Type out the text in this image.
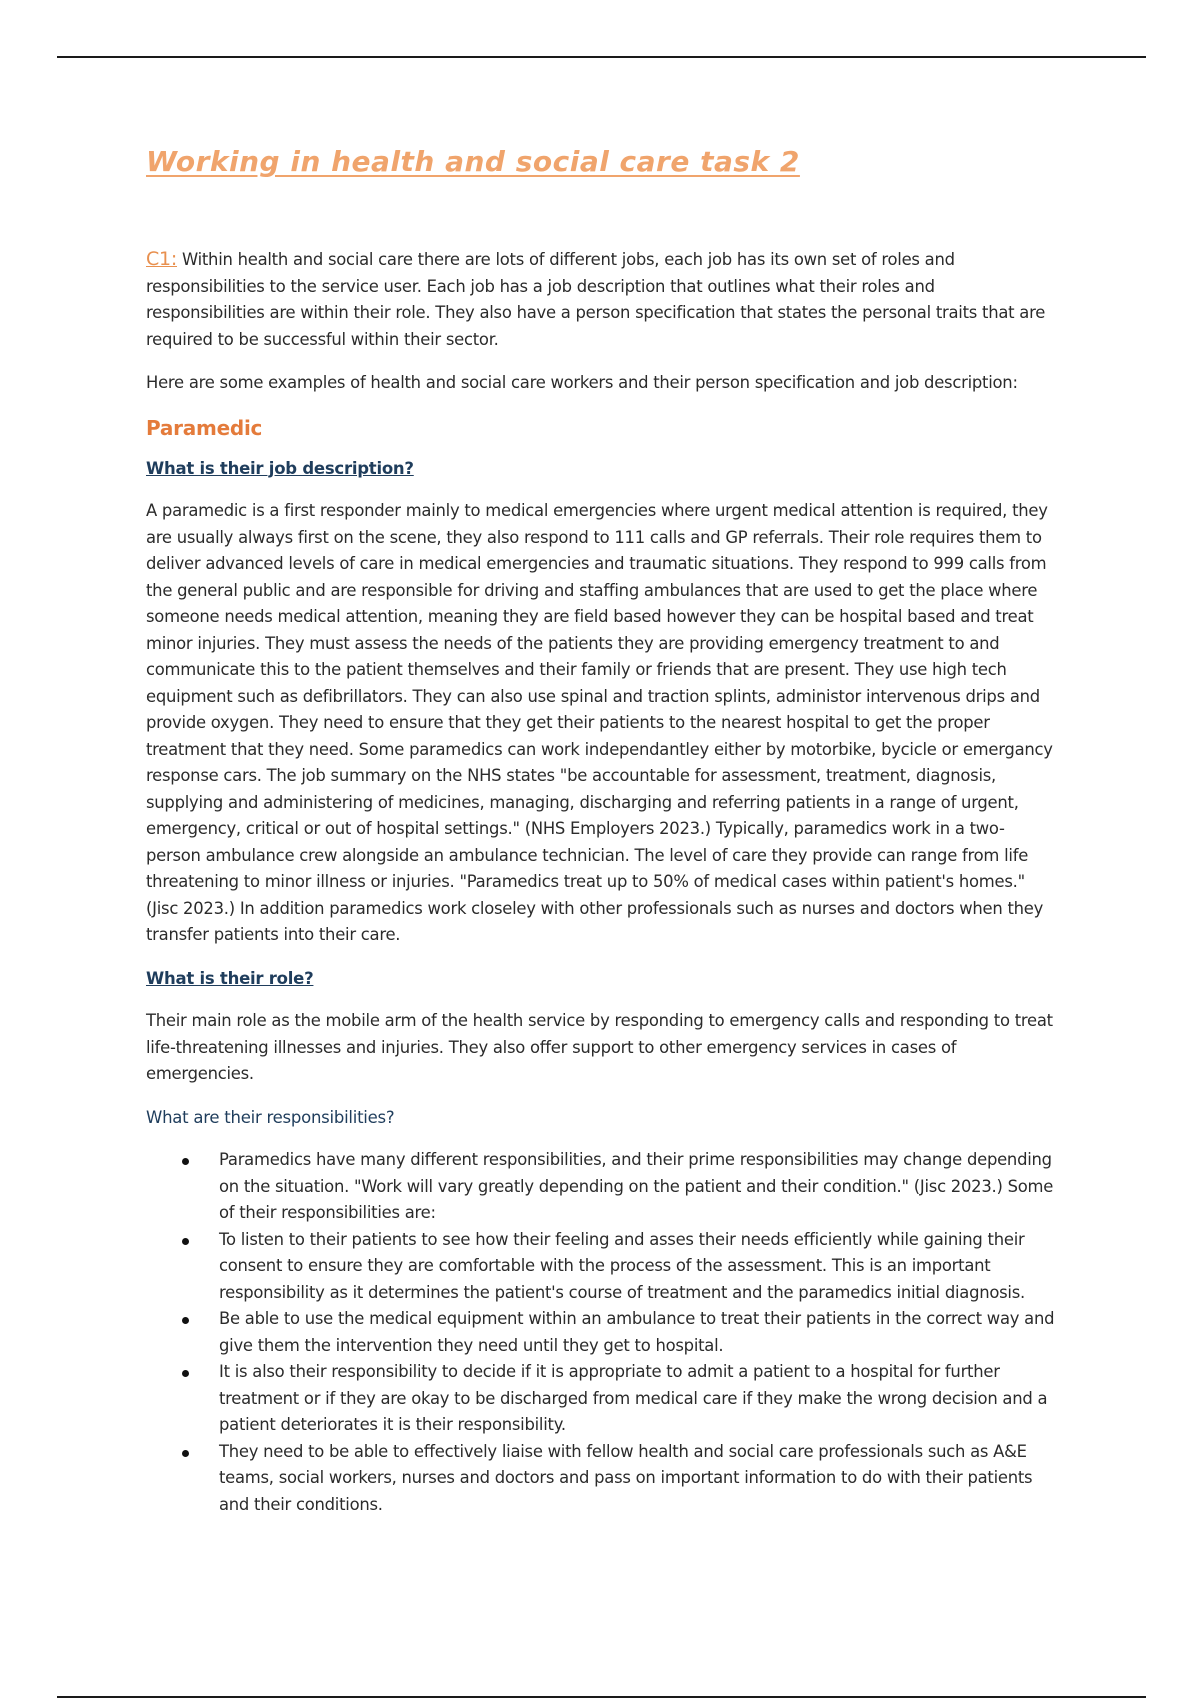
Working in health and social care task 2

C1: Within health and social care there are lots of different jobs, each job has its own set of roles and responsibilities to the service user. Each job has a job description that outlines what their roles and responsibilities are within their role. They also have a person specification that states the personal traits that are required to be successful within their sector.

Here are some examples of health and social care workers and their person specification and job description:

Paramedic
What is their job description?

A paramedic is a first responder mainly to medical emergencies where urgent medical attention is required, they are usually always first on the scene, they also respond to 111 calls and GP referrals. Their role requires them to deliver advanced levels of care in medical emergencies and traumatic situations. They respond to 999 calls from the general public and are responsible for driving and staffing ambulances that are used to get the place where someone needs medical attention, meaning they are field based however they can be hospital based and treat minor injuries. They must assess the needs of the patients they are providing emergency treatment to and communicate this to the patient themselves and their family or friends that are present. They use high tech equipment such as defibrillators. They can also use spinal and traction splints, administor intervenous drips and provide oxygen. They need to ensure that they get their patients to the nearest hospital to get the proper treatment that they need. Some paramedics can work independantley either by motorbike, bycicle or emergancy response cars. The job summary on the NHS states "be accountable for assessment, treatment, diagnosis, supplying and administering of medicines, managing, discharging and referring patients in a range of urgent, emergency, critical or out of hospital settings." (NHS Employers 2023.) Typically, paramedics work in a two-person ambulance crew alongside an ambulance technician. The level of care they provide can range from life threatening to minor illness or injuries. "Paramedics treat up to 50% of medical cases within patient's homes." (Jisc 2023.) In addition paramedics work closeley with other professionals such as nurses and doctors when they transfer patients into their care.

What is their role?

Their main role as the mobile arm of the health service by responding to emergency calls and responding to treat life-threatening illnesses and injuries. They also offer support to other emergency services in cases of emergencies.

What are their responsibilities?
Paramedics have many different responsibilities, and their prime responsibilities may change depending on the situation. "Work will vary greatly depending on the patient and their condition." (Jisc 2023.) Some of their responsibilities are:
To listen to their patients to see how their feeling and asses their needs efficiently while gaining their consent to ensure they are comfortable with the process of the assessment. This is an important responsibility as it determines the patient's course of treatment and the paramedics initial diagnosis.
Be able to use the medical equipment within an ambulance to treat their patients in the correct way and give them the intervention they need until they get to hospital.
It is also their responsibility to decide if it is appropriate to admit a patient to a hospital for further treatment or if they are okay to be discharged from medical care if they make the wrong decision and a patient deteriorates it is their responsibility.
They need to be able to effectively liaise with fellow health and social care professionals such as A&E teams, social workers, nurses and doctors and pass on important information to do with their patients and their conditions.
